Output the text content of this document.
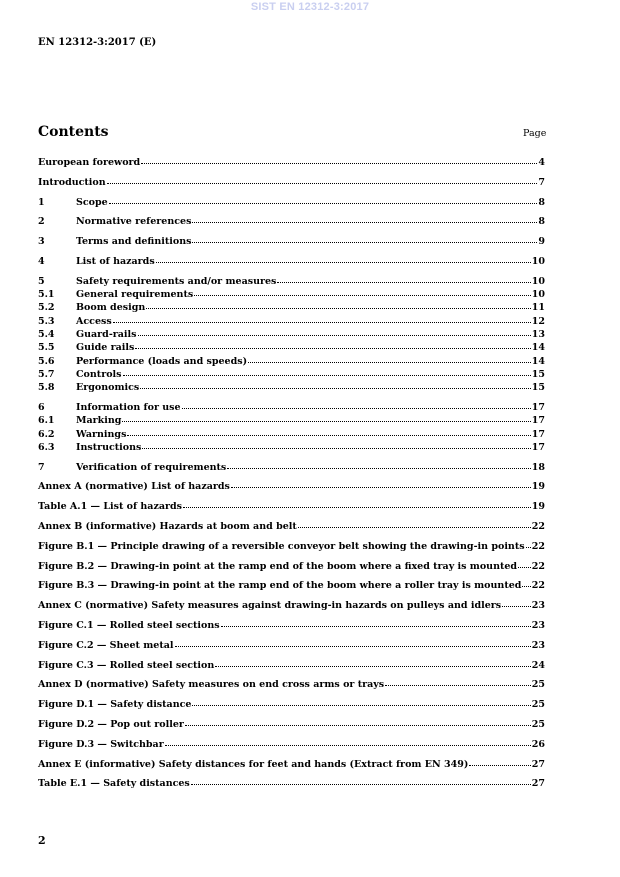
SIST EN 12312-3:2017
EN 12312-3:2017 (E)
Contents	Page
European foreword	4
Introduction	7
1	Scope	8
2	Normative references	8
3	Terms and definitions	9
4	List of hazards	10
5	Safety requirements and/or measures	10
5.1	General requirements	10
5.2	Boom design	11
5.3	Access	12
5.4	Guard-rails	13
5.5	Guide rails	14
5.6	Performance (loads and speeds)	14
5.7	Controls	15
5.8	Ergonomics	15
6	Information for use	17
6.1	Marking	17
6.2	Warnings	17
6.3	Instructions	17
7	Verification of requirements	18
Annex A (normative) List of hazards	19
Table A.1 — List of hazards	19
Annex B (informative) Hazards at boom and belt	22
Figure B.1 — Principle drawing of a reversible conveyor belt showing the drawing-in points 22
Figure B.2 — Drawing-in point at the ramp end of the boom where a fixed tray is mounted 22
Figure B.3 — Drawing-in point at the ramp end of the boom where a roller tray is mounted 22
Annex C (normative) Safety measures against drawing-in hazards on pulleys and idlers	23
Figure C.1 — Rolled steel sections	23
Figure C.2 — Sheet metal	23
Figure C.3 — Rolled steel section	24
Annex D (normative) Safety measures on end cross arms or trays	25
Figure D.1 — Safety distance	25
Figure D.2 — Pop out roller	25
Figure D.3 — Switchbar	26
Annex E (informative) Safety distances for feet and hands (Extract from EN 349)	27
Table E.1 — Safety distances	27
2
